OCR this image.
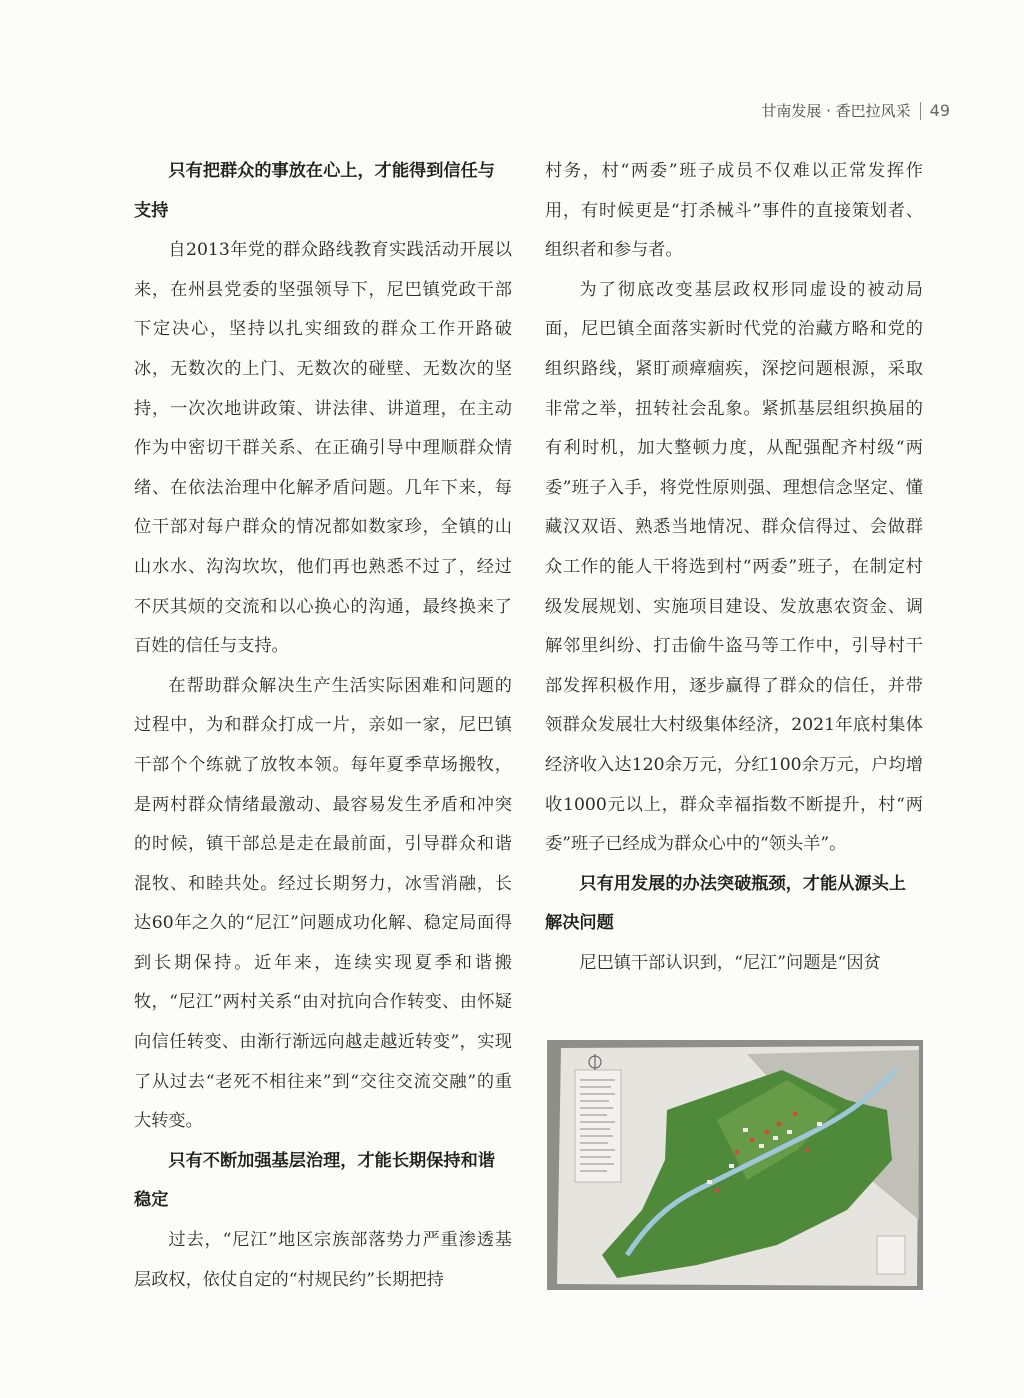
甘南发展 · 香巴拉风采 49
只有把群众的事放在心上，才能得到信任与支持

自2013年党的群众路线教育实践活动开展以来，在州县党委的坚强领导下，尼巴镇党政干部下定决心，坚持以扎实细致的群众工作开路破冰，无数次的上门、无数次的碰壁、无数次的坚持，一次次地讲政策、讲法律、讲道理，在主动作为中密切干群关系、在正确引导中理顺群众情绪、在依法治理中化解矛盾问题。几年下来，每位干部对每户群众的情况都如数家珍，全镇的山山水水、沟沟坎坎，他们再也熟悉不过了，经过不厌其烦的交流和以心换心的沟通，最终换来了百姓的信任与支持。

在帮助群众解决生产生活实际困难和问题的过程中，为和群众打成一片，亲如一家，尼巴镇干部个个练就了放牧本领。每年夏季草场搬牧，是两村群众情绪最激动、最容易发生矛盾和冲突的时候，镇干部总是走在最前面，引导群众和谐混牧、和睦共处。经过长期努力，冰雪消融，长达60年之久的“尼江”问题成功化解、稳定局面得到长期保持。近年来，连续实现夏季和谐搬牧，“尼江”两村关系“由对抗向合作转变、由怀疑向信任转变、由渐行渐远向越走越近转变”，实现了从过去“老死不相往来”到“交往交流交融”的重大转变。

只有不断加强基层治理，才能长期保持和谐稳定

过去，“尼江”地区宗族部落势力严重渗透基层政权，依仗自定的“村规民约”长期把持

村务，村“两委”班子成员不仅难以正常发挥作用，有时候更是“打杀械斗”事件的直接策划者、组织者和参与者。

为了彻底改变基层政权形同虚设的被动局面，尼巴镇全面落实新时代党的治藏方略和党的组织路线，紧盯顽瘴痼疾，深挖问题根源，采取非常之举，扭转社会乱象。紧抓基层组织换届的有利时机，加大整顿力度，从配强配齐村级“两委”班子入手，将党性原则强、理想信念坚定、懂藏汉双语、熟悉当地情况、群众信得过、会做群众工作的能人干将选到村“两委”班子，在制定村级发展规划、实施项目建设、发放惠农资金、调解邻里纠纷、打击偷牛盗马等工作中，引导村干部发挥积极作用，逐步赢得了群众的信任，并带领群众发展壮大村级集体经济，2021年底村集体经济收入达120余万元，分红100余万元，户均增收1000元以上，群众幸福指数不断提升，村“两委”班子已经成为群众心中的“领头羊”。

只有用发展的办法突破瓶颈，才能从源头上解决问题

尼巴镇干部认识到，“尼江”问题是“因贫
